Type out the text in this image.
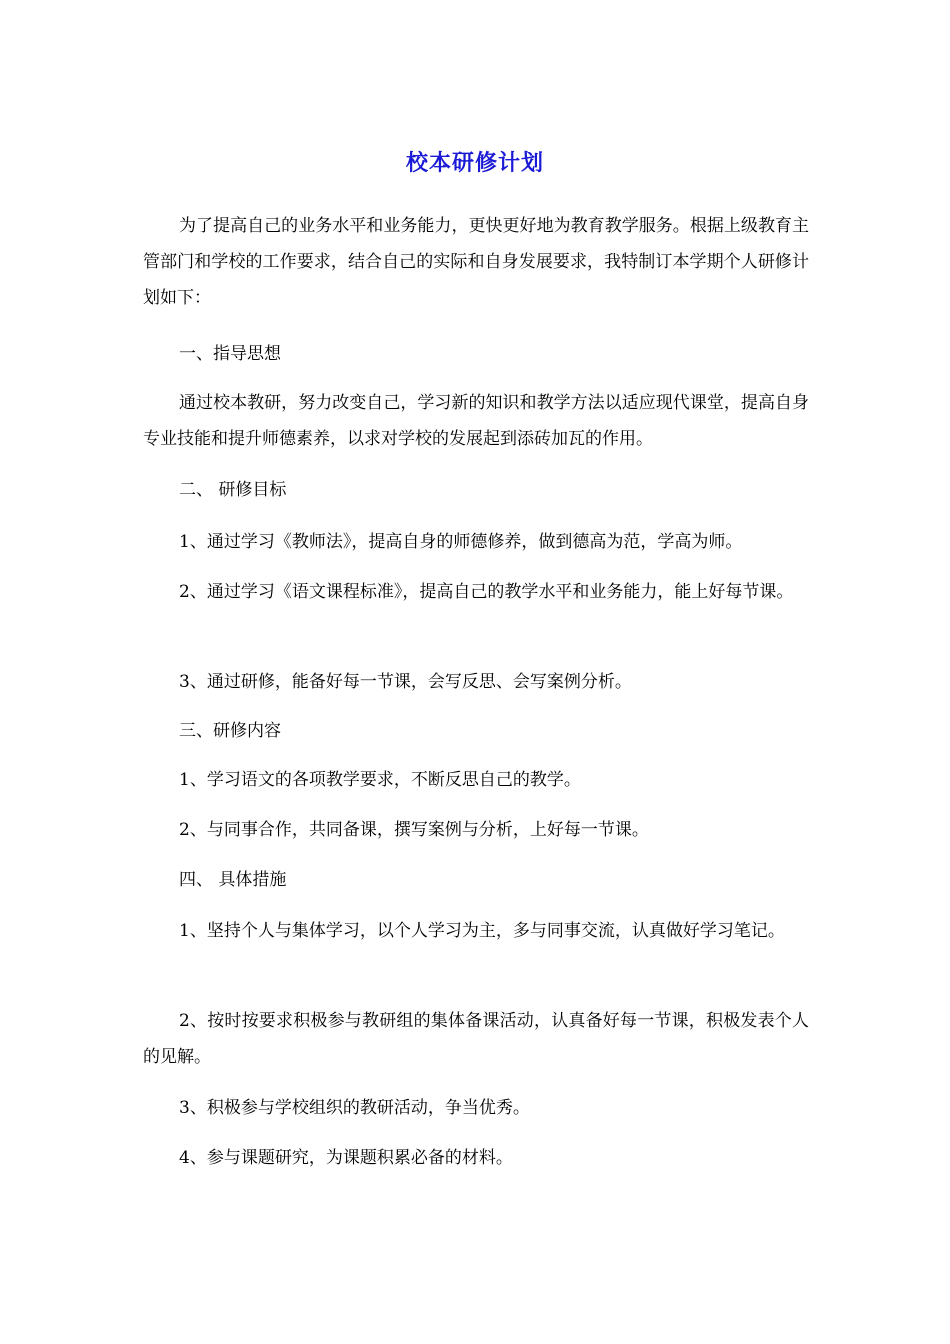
校本研修计划

为了提高自己的业务水平和业务能力，更快更好地为教育教学服务。根据上级教育主管部门和学校的工作要求，结合自己的实际和自身发展要求，我特制订本学期个人研修计划如下：

一、指导思想

通过校本教研，努力改变自己，学习新的知识和教学方法以适应现代课堂，提高自身专业技能和提升师德素养，以求对学校的发展起到添砖加瓦的作用。

二、 研修目标

1、通过学习《教师法》，提高自身的师德修养，做到德高为范，学高为师。

2、通过学习《语文课程标准》，提高自己的教学水平和业务能力，能上好每节课。

3、通过研修，能备好每一节课，会写反思、会写案例分析。

三、研修内容

1、学习语文的各项教学要求，不断反思自己的教学。

2、与同事合作，共同备课，撰写案例与分析，上好每一节课。

四、 具体措施

1、坚持个人与集体学习，以个人学习为主，多与同事交流，认真做好学习笔记。

2、按时按要求积极参与教研组的集体备课活动，认真备好每一节课，积极发表个人的见解。

3、积极参与学校组织的教研活动，争当优秀。

4、参与课题研究，为课题积累必备的材料。
